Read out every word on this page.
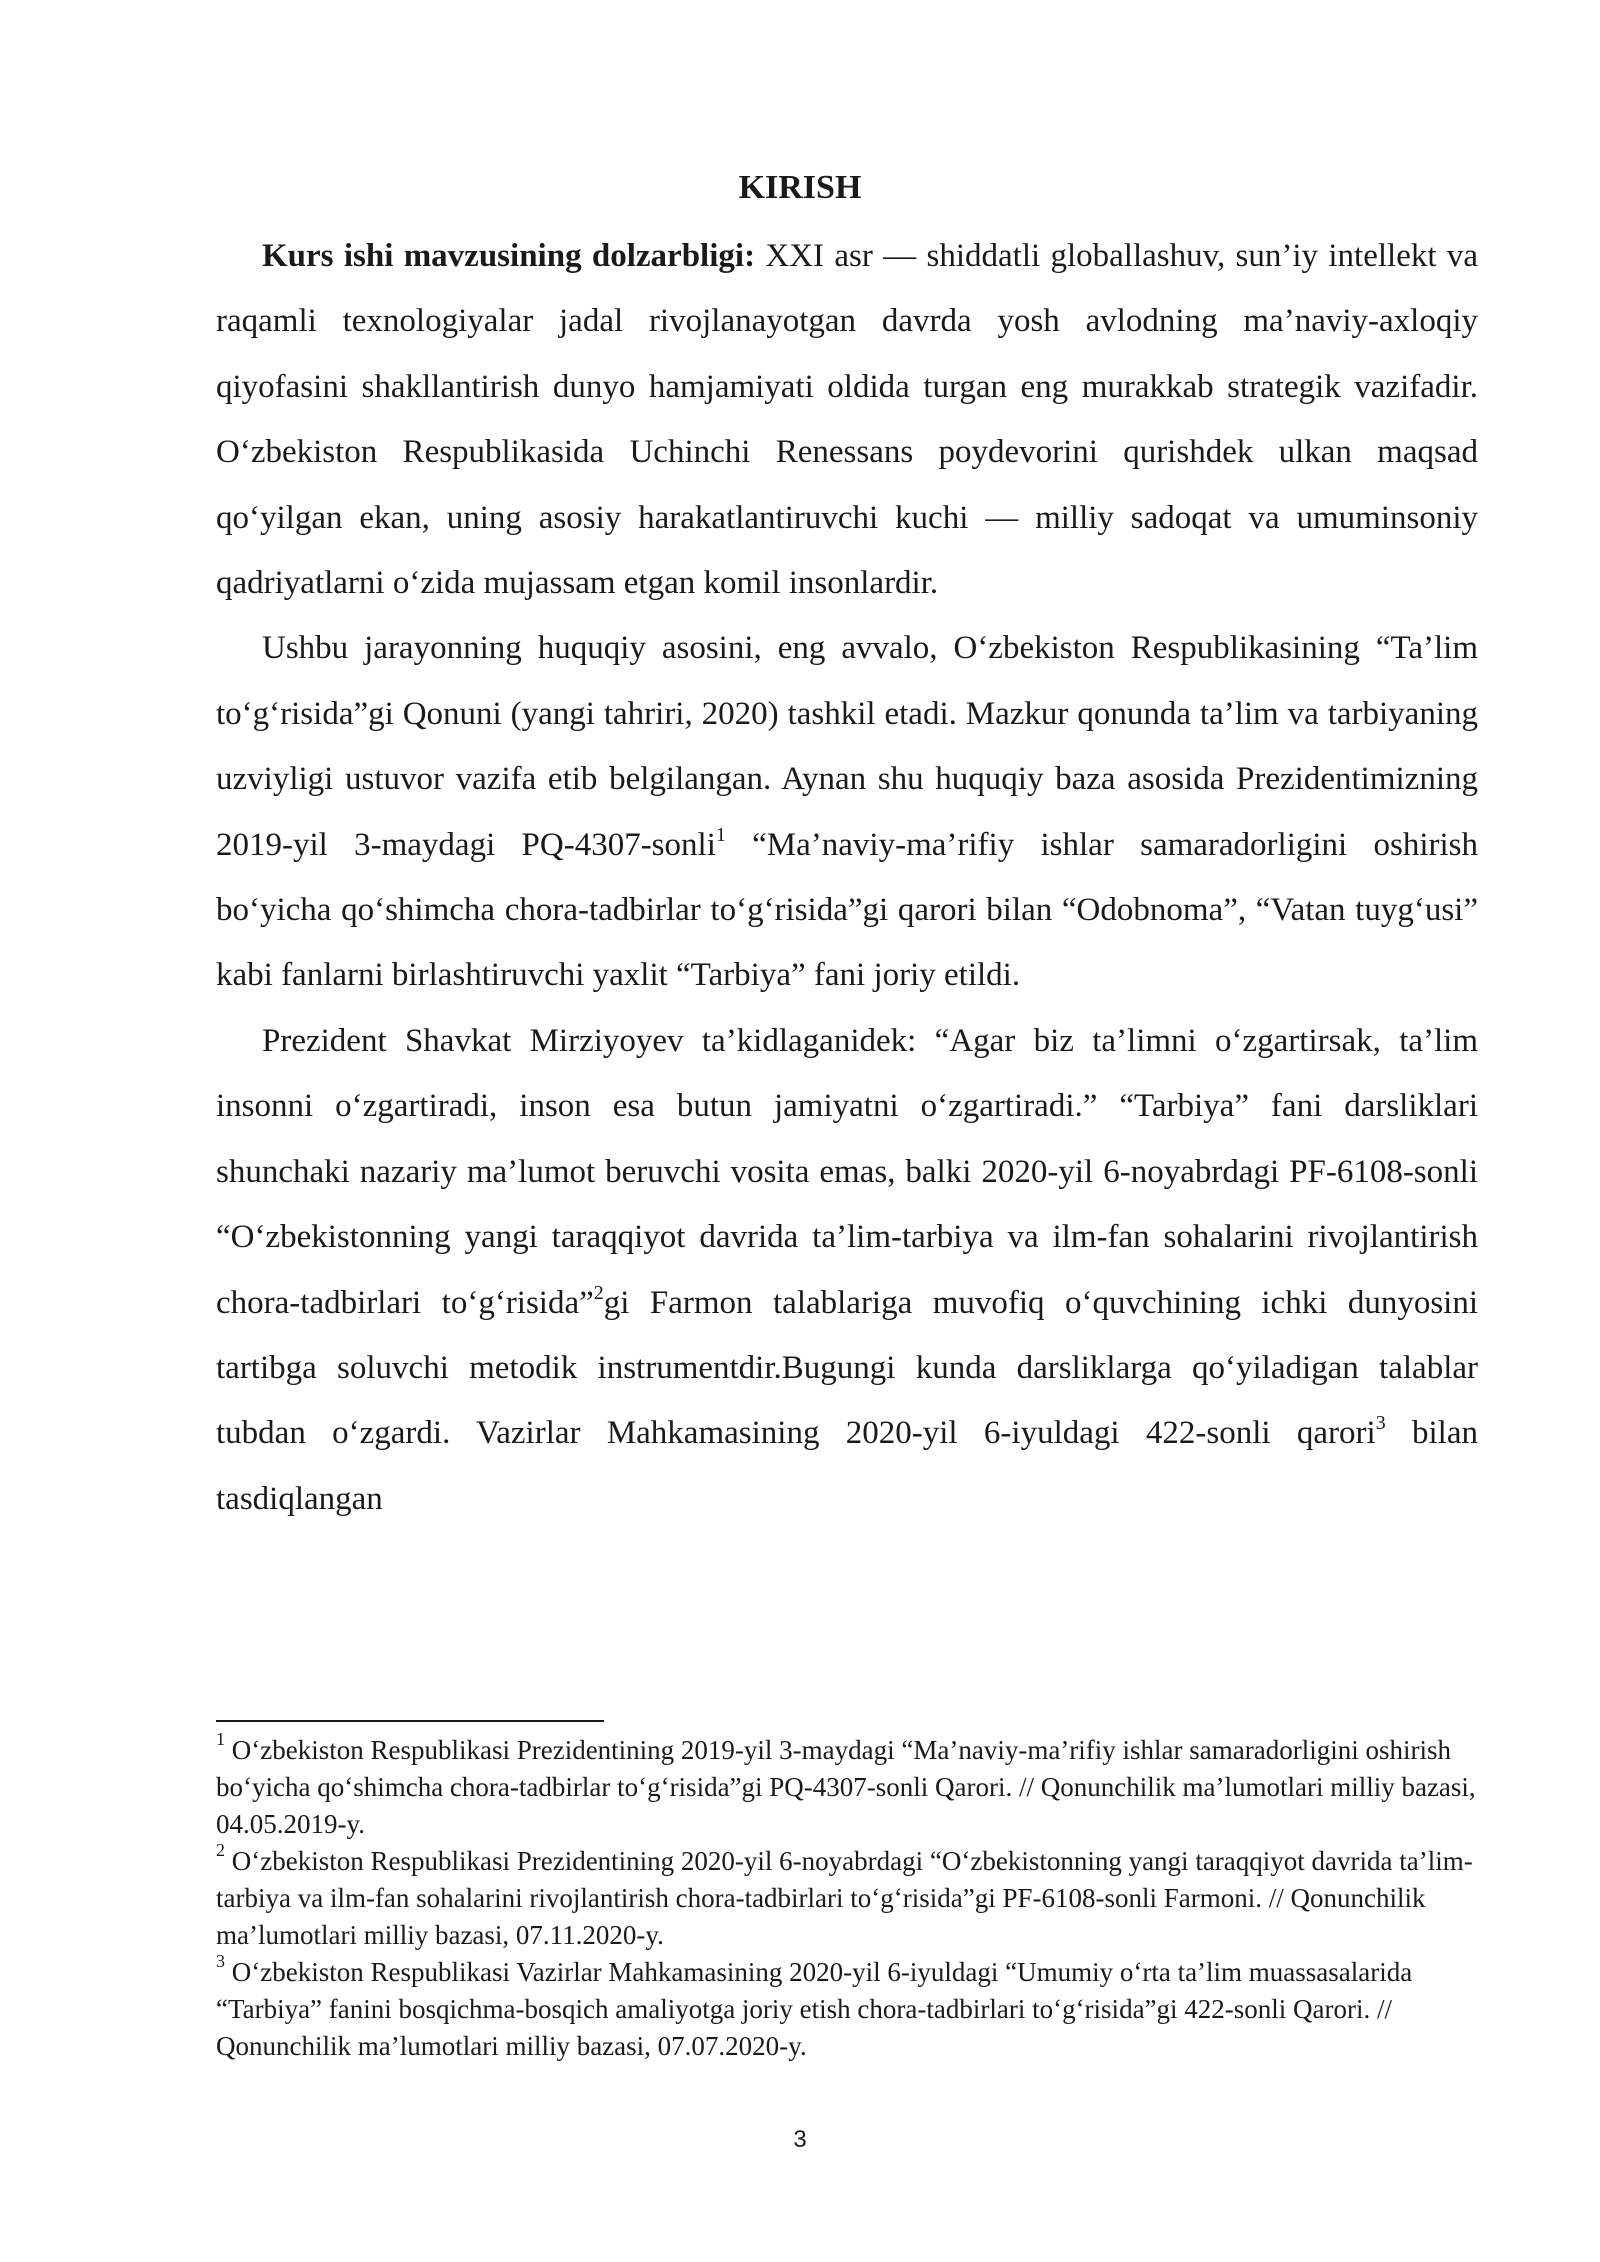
KIRISH

Kurs ishi mavzusining dolzarbligi: XXI asr — shiddatli globallashuv, sun’iy intellekt va raqamli texnologiyalar jadal rivojlanayotgan davrda yosh avlodning ma’naviy-axloqiy qiyofasini shakllantirish dunyo hamjamiyati oldida turgan eng murakkab strategik vazifadir. O‘zbekiston Respublikasida Uchinchi Renessans poydevorini qurishdek ulkan maqsad qo‘yilgan ekan, uning asosiy harakatlantiruvchi kuchi — milliy sadoqat va umuminsoniy qadriyatlarni o‘zida mujassam etgan komil insonlardir.

Ushbu jarayonning huquqiy asosini, eng avvalo, O‘zbekiston Respublikasining “Ta’lim to‘g‘risida”gi Qonuni (yangi tahriri, 2020) tashkil etadi. Mazkur qonunda ta’lim va tarbiyaning uzviyligi ustuvor vazifa etib belgilangan. Aynan shu huquqiy baza asosida Prezidentimizning 2019-yil 3-maydagi PQ-4307-sonli$^1$ “Ma’naviy-ma’rifiy ishlar samaradorligini oshirish bo‘yicha qo‘shimcha chora-tadbirlar to‘g‘risida”gi qarori bilan “Odobnoma”, “Vatan tuyg‘usi” kabi fanlarni birlashtiruvchi yaxlit “Tarbiya” fani joriy etildi.

Prezident Shavkat Mirziyoyev ta’kidlaganidek: “Agar biz ta’limni o‘zgartirsak, ta’lim insonni o‘zgartiradi, inson esa butun jamiyatni o‘zgartiradi.” “Tarbiya” fani darsliklari shunchaki nazariy ma’lumot beruvchi vosita emas, balki 2020-yil 6-noyabrdagi PF-6108-sonli “O‘zbekistonning yangi taraqqiyot davrida ta’lim-tarbiya va ilm-fan sohalarini rivojlantirish chora-tadbirlari to‘g‘risida”$^2$gi Farmon talablariga muvofiq o‘quvchining ichki dunyosini tartibga soluvchi metodik instrumentdir.Bugungi kunda darsliklarga qo‘yiladigan talablar tubdan o‘zgardi. Vazirlar Mahkamasining 2020-yil 6-iyuldagi 422-sonli qarori$^3$ bilan tasdiqlangan

$^1$ O‘zbekiston Respublikasi Prezidentining 2019-yil 3-maydagi “Ma’naviy-ma’rifiy ishlar samaradorligini oshirish bo‘yicha qo‘shimcha chora-tadbirlar to‘g‘risida”gi PQ-4307-sonli Qarori. // Qonunchilik ma’lumotlari milliy bazasi, 04.05.2019-y.

$^2$ O‘zbekiston Respublikasi Prezidentining 2020-yil 6-noyabrdagi “O‘zbekistonning yangi taraqqiyot davrida ta’lim-tarbiya va ilm-fan sohalarini rivojlantirish chora-tadbirlari to‘g‘risida”gi PF-6108-sonli Farmoni. // Qonunchilik ma’lumotlari milliy bazasi, 07.11.2020-y.

$^3$ O‘zbekiston Respublikasi Vazirlar Mahkamasining 2020-yil 6-iyuldagi “Umumiy o‘rta ta’lim muassasalarida “Tarbiya” fanini bosqichma-bosqich amaliyotga joriy etish chora-tadbirlari to‘g‘risida”gi 422-sonli Qarori. // Qonunchilik ma’lumotlari milliy bazasi, 07.07.2020-y.

3
